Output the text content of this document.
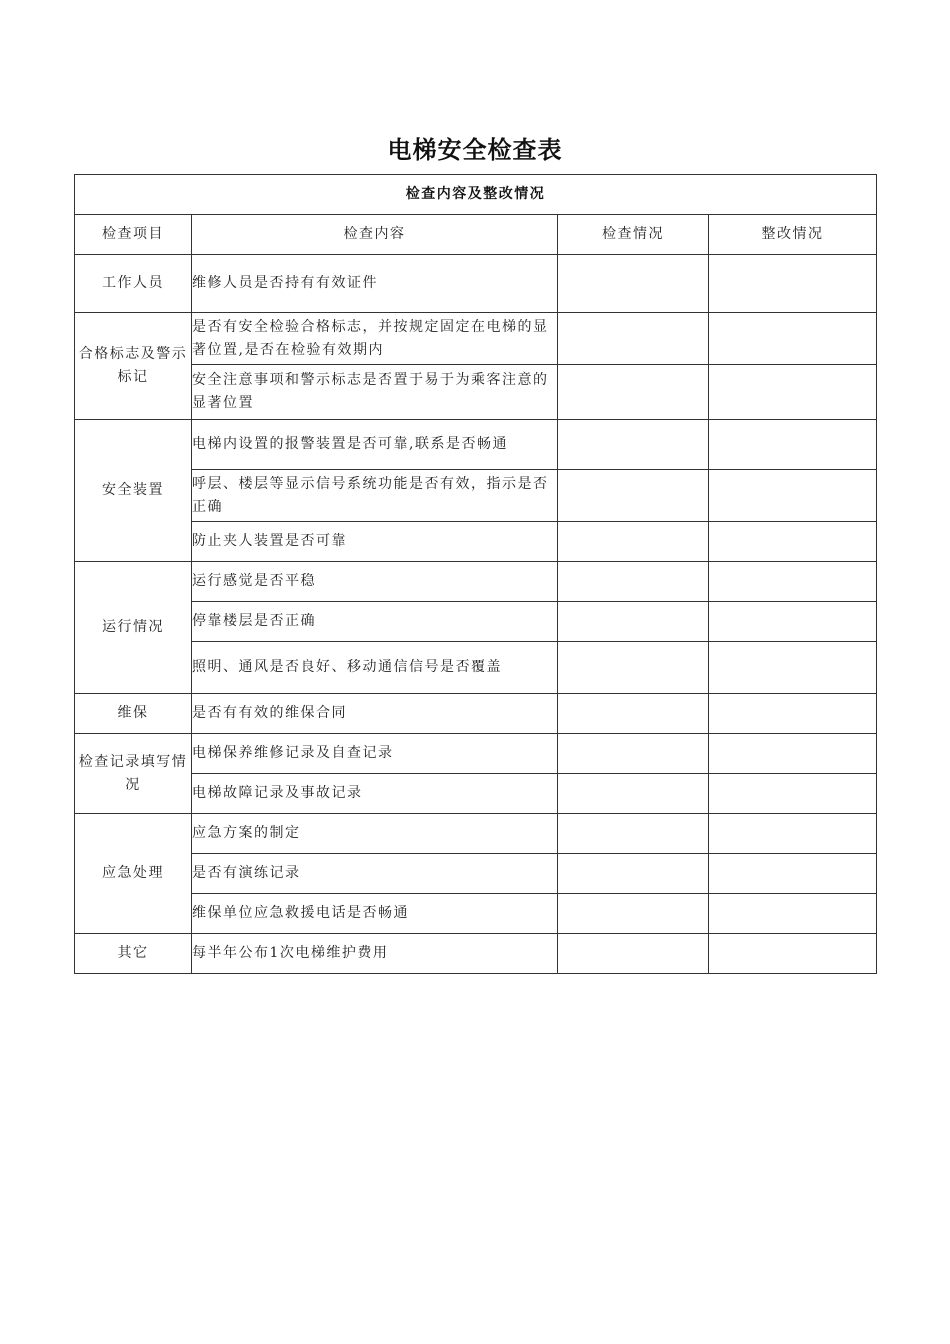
电梯安全检查表
检查内容及整改情况			
检查项目	检查内容	检查情况	整改情况
工作人员	维修人员是否持有有效证件		
合格标志及警示标记	是否有安全检验合格标志，并按规定固定在电梯的显著位置,是否在检验有效期内		
	安全注意事项和警示标志是否置于易于为乘客注意的显著位置		
安全装置	电梯内设置的报警装置是否可靠,联系是否畅通		
	呼层、楼层等显示信号系统功能是否有效，指示是否正确		
	防止夹人装置是否可靠		
运行情况	运行感觉是否平稳		
	停靠楼层是否正确		
	照明、通风是否良好、移动通信信号是否覆盖		
维保	是否有有效的维保合同		
检查记录填写情况	电梯保养维修记录及自查记录		
	电梯故障记录及事故记录		
应急处理	应急方案的制定		
	是否有演练记录		
	维保单位应急救援电话是否畅通		
其它	每半年公布1次电梯维护费用		
